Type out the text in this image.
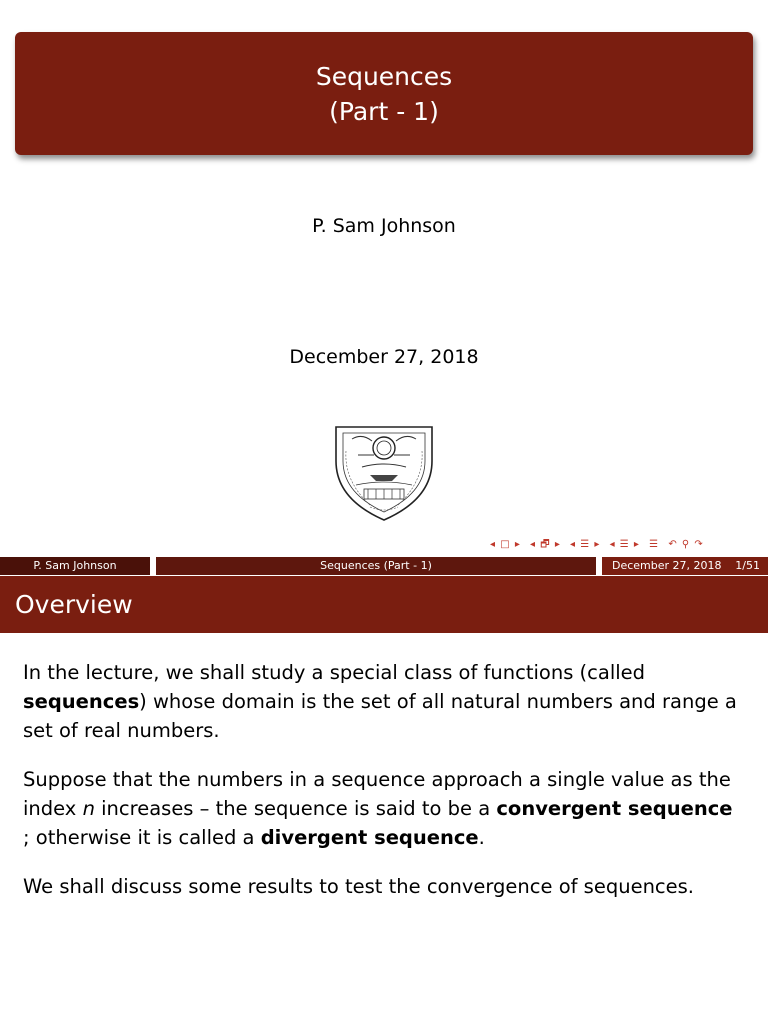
Sequences
(Part - 1)
P. Sam Johnson
December 27, 2018
◂ □ ▸ ◂ 🗗 ▸ ◂ ☰ ▸ ◂ ☰ ▸ ☰ ↶ ⚲ ↷
P. Sam Johnson	Sequences (Part - 1)	December 27, 2018 1/51
Overview

In the lecture, we shall study a special class of functions (called sequences) whose domain is the set of all natural numbers and range a set of real numbers.

Suppose that the numbers in a sequence approach a single value as the index n increases – the sequence is said to be a convergent sequence ; otherwise it is called a divergent sequence.

We shall discuss some results to test the convergence of sequences.
